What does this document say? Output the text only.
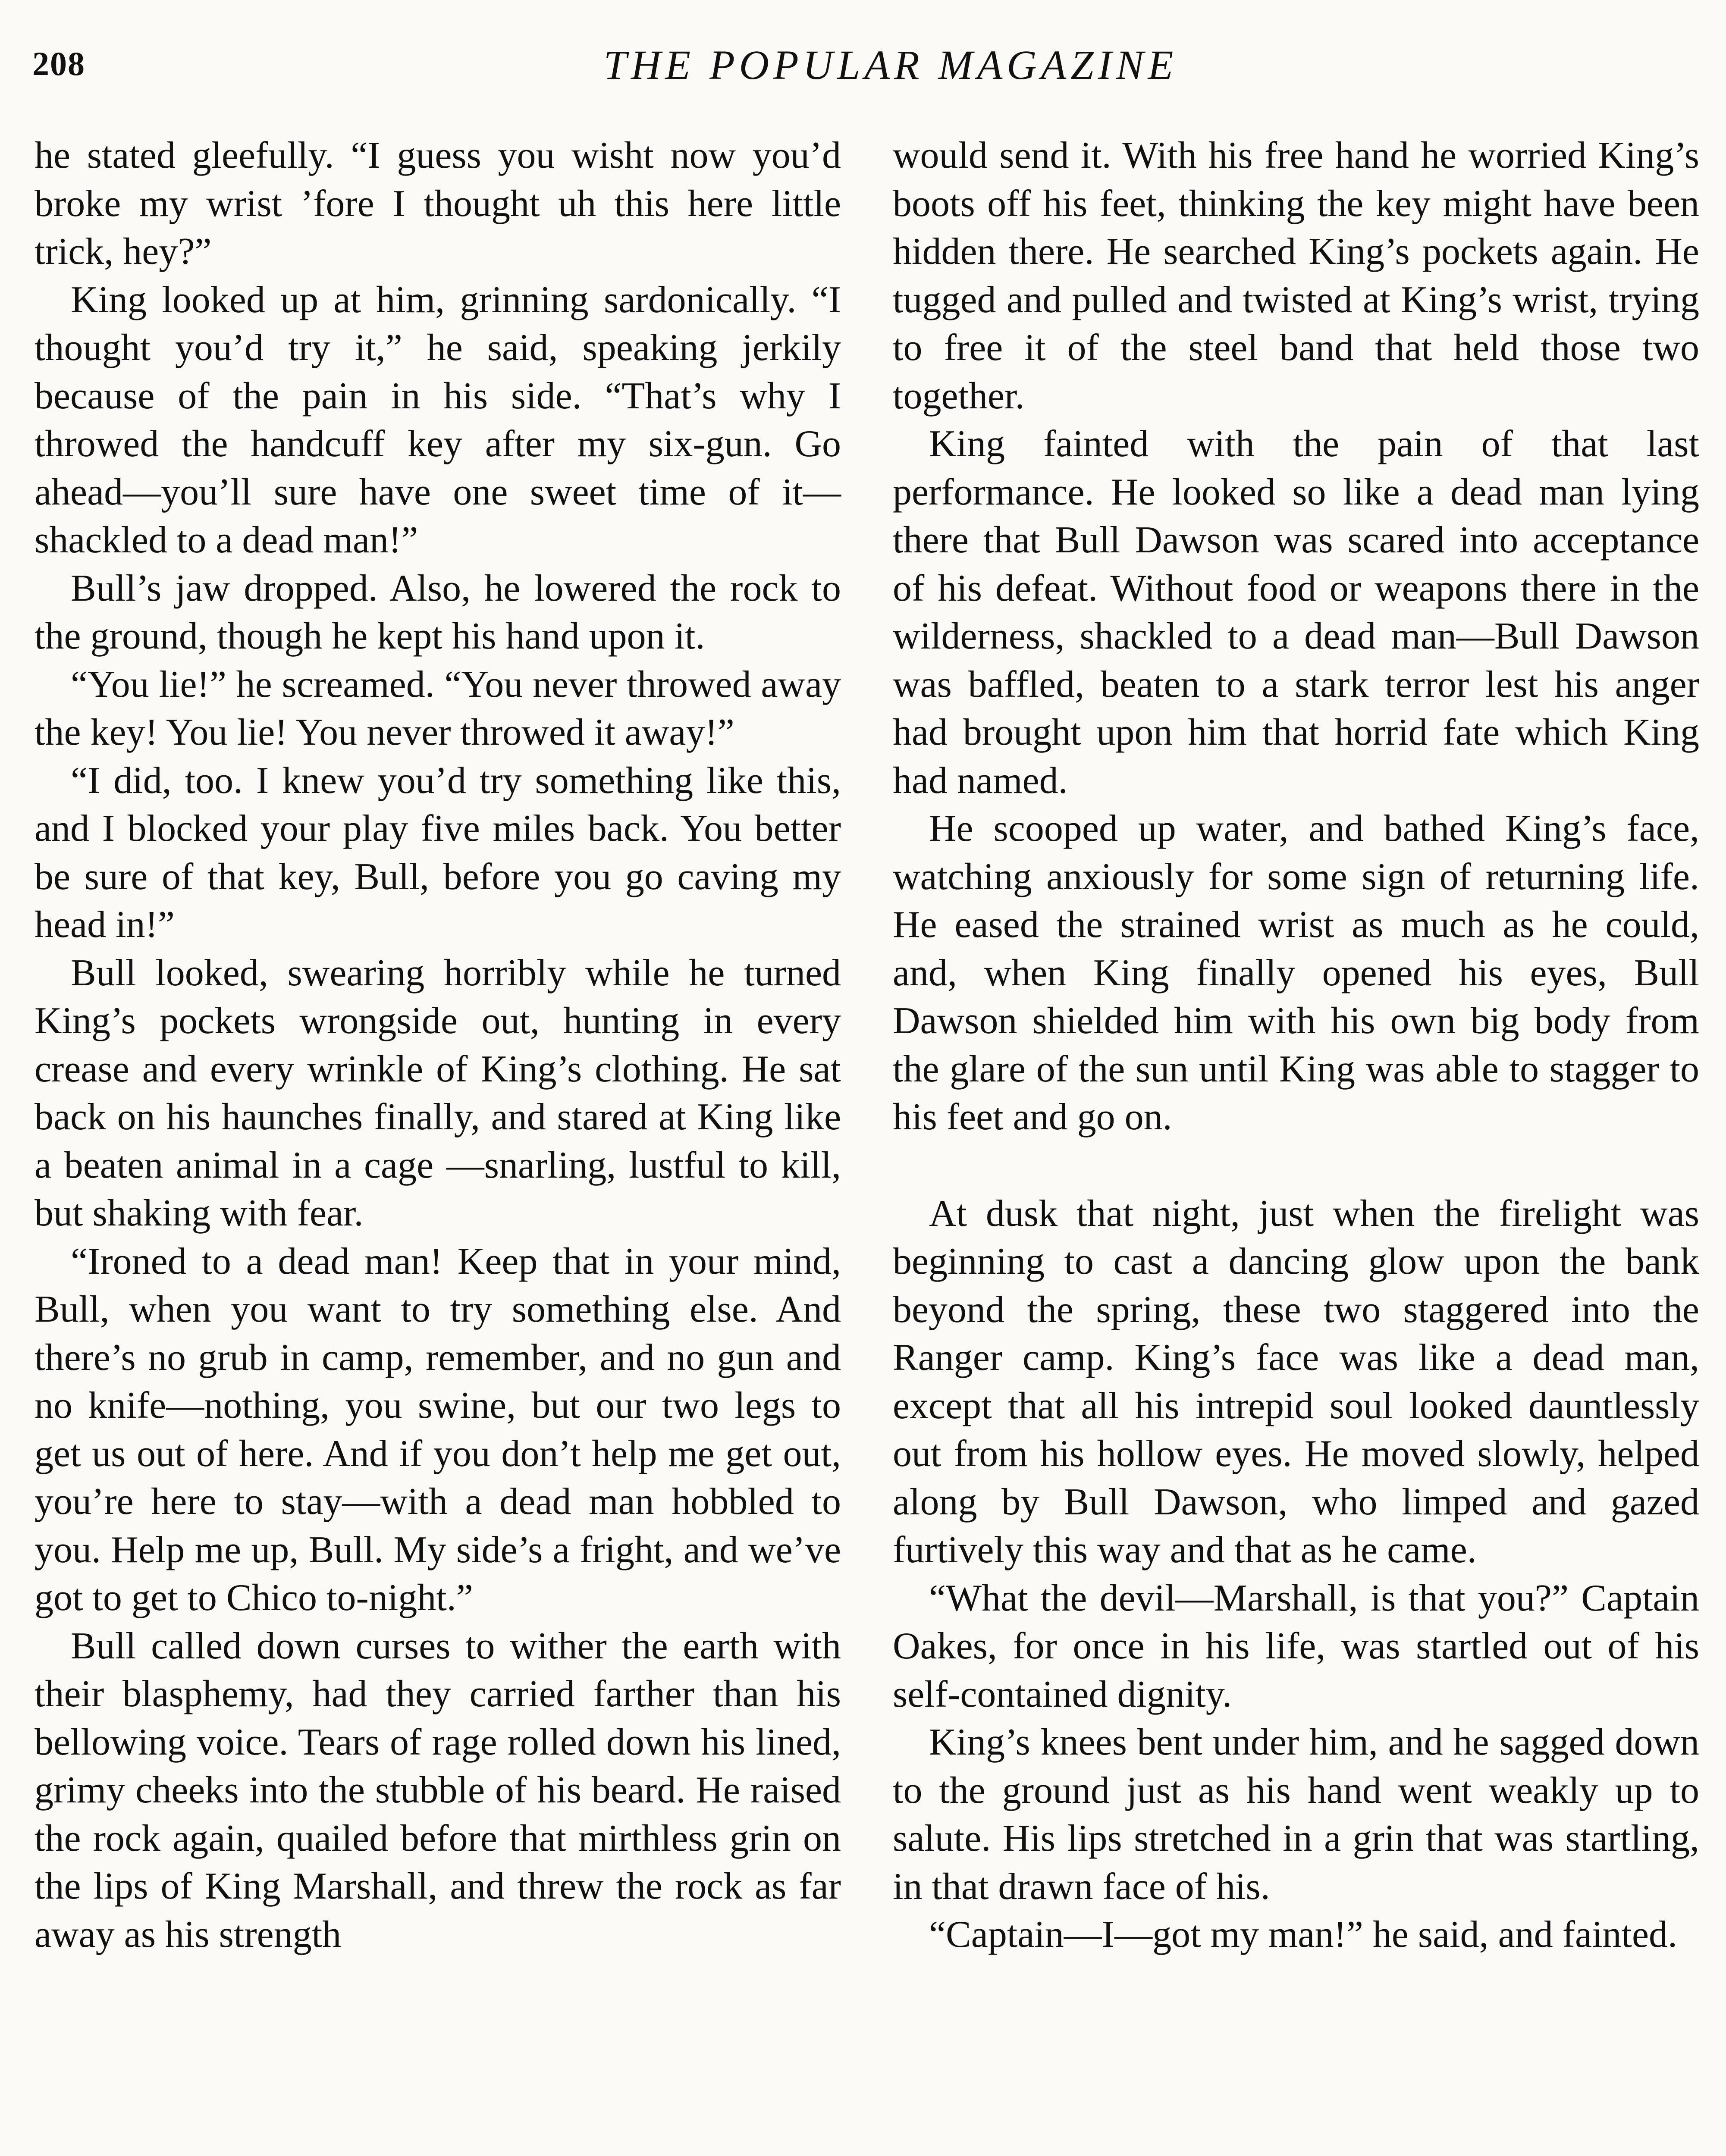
208	THE POPULAR MAGAZINE

he stated gleefully. “I guess you wisht now you’d broke my wrist ’fore I thought uh this here little trick, hey?”

King looked up at him, grinning sardonically. “I thought you’d try it,” he said, speaking jerkily because of the pain in his side. “That’s why I throwed the handcuff key after my six-gun. Go ahead—you’ll sure have one sweet time of it—shackled to a dead man!”

Bull’s jaw dropped. Also, he lowered the rock to the ground, though he kept his hand upon it.

“You lie!” he screamed. “You never throwed away the key! You lie! You never throwed it away!”

“I did, too. I knew you’d try something like this, and I blocked your play five miles back. You better be sure of that key, Bull, before you go caving my head in!”

Bull looked, swearing horribly while he turned King’s pockets wrongside out, hunting in every crease and every wrinkle of King’s clothing. He sat back on his haunches finally, and stared at King like a beaten animal in a cage —snarling, lustful to kill, but shaking with fear.

“Ironed to a dead man! Keep that in your mind, Bull, when you want to try something else. And there’s no grub in camp, remember, and no gun and no knife—nothing, you swine, but our two legs to get us out of here. And if you don’t help me get out, you’re here to stay—with a dead man hobbled to you. Help me up, Bull. My side’s a fright, and we’ve got to get to Chico to-night.”

Bull called down curses to wither the earth with their blasphemy, had they carried farther than his bellowing voice. Tears of rage rolled down his lined, grimy cheeks into the stubble of his beard. He raised the rock again, quailed before that mirthless grin on the lips of King Marshall, and threw the rock as far away as his strength

would send it. With his free hand he worried King’s boots off his feet, thinking the key might have been hidden there. He searched King’s pockets again. He tugged and pulled and twisted at King’s wrist, trying to free it of the steel band that held those two together.

King fainted with the pain of that last performance. He looked so like a dead man lying there that Bull Dawson was scared into acceptance of his defeat. Without food or weapons there in the wilderness, shackled to a dead man—Bull Dawson was baffled, beaten to a stark terror lest his anger had brought upon him that horrid fate which King had named.

He scooped up water, and bathed King’s face, watching anxiously for some sign of returning life. He eased the strained wrist as much as he could, and, when King finally opened his eyes, Bull Dawson shielded him with his own big body from the glare of the sun until King was able to stagger to his feet and go on.

At dusk that night, just when the firelight was beginning to cast a dancing glow upon the bank beyond the spring, these two staggered into the Ranger camp. King’s face was like a dead man, except that all his intrepid soul looked dauntlessly out from his hollow eyes. He moved slowly, helped along by Bull Dawson, who limped and gazed furtively this way and that as he came.

“What the devil—Marshall, is that you?” Captain Oakes, for once in his life, was startled out of his self-contained dignity.

King’s knees bent under him, and he sagged down to the ground just as his hand went weakly up to salute. His lips stretched in a grin that was startling, in that drawn face of his.

“Captain—I—got my man!” he said, and fainted.
